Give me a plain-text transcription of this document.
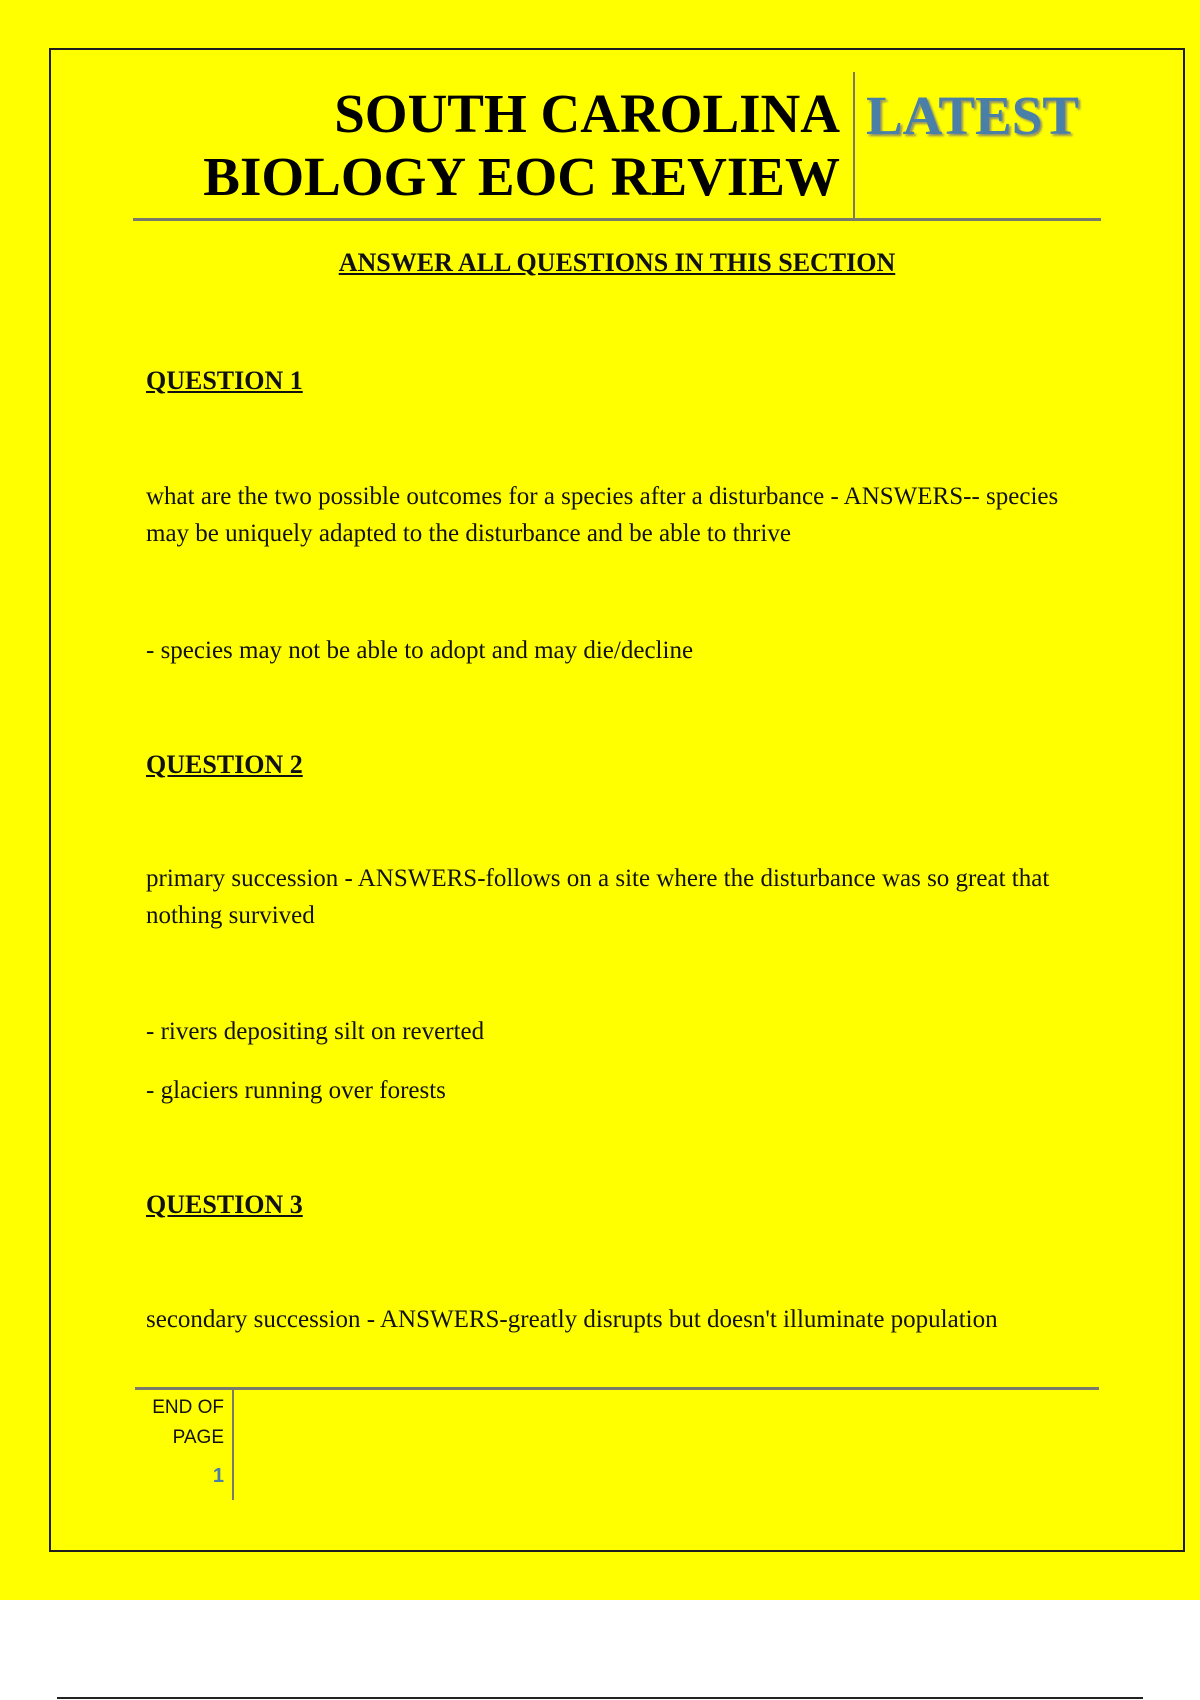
SOUTH CAROLINA
BIOLOGY EOC REVIEW
LATEST
ANSWER ALL QUESTIONS IN THIS SECTION
QUESTION 1
what are the two possible outcomes for a species after a disturbance - ANSWERS-- species may be uniquely adapted to the disturbance and be able to thrive
- species may not be able to adopt and may die/decline
QUESTION 2
primary succession - ANSWERS-follows on a site where the disturbance was so great that nothing survived
- rivers depositing silt on reverted
- glaciers running over forests
QUESTION 3
secondary succession - ANSWERS-greatly disrupts but doesn't illuminate population
END OF
PAGE
1
